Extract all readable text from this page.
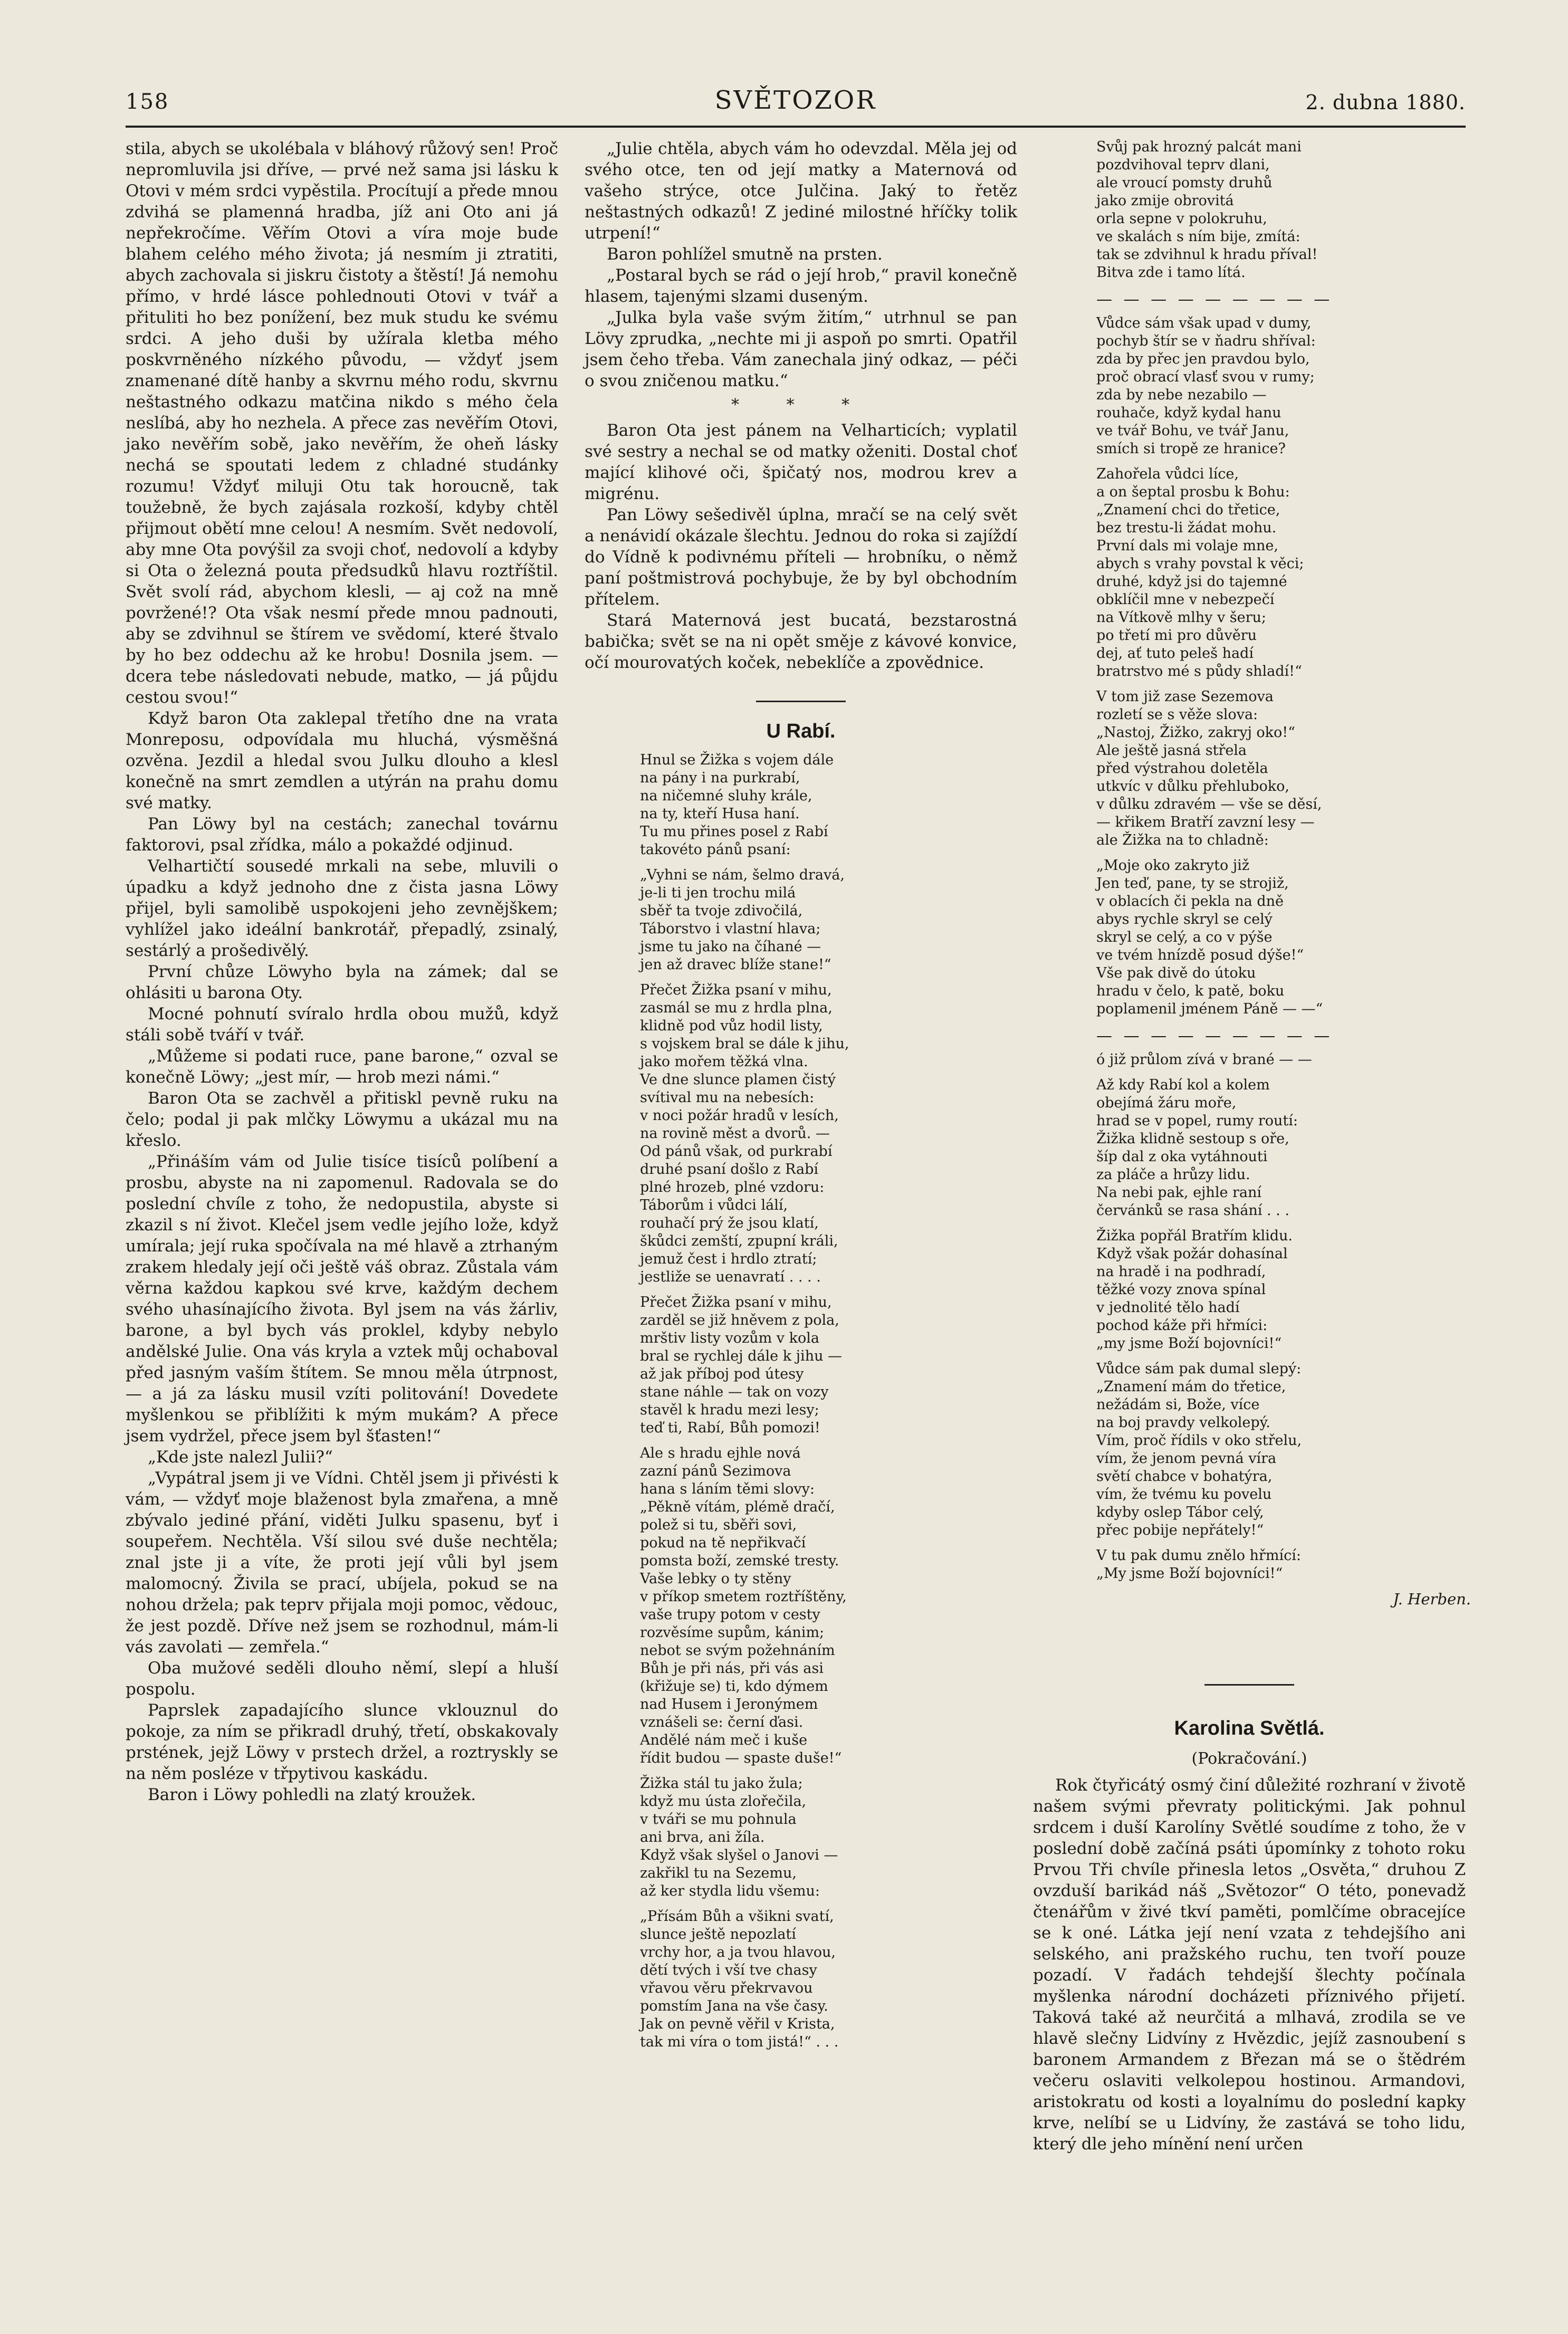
158	SVĚTOZOR	2. dubna 1880.

stila, abych se ukolébala v bláhový růžový sen! Proč nepromluvila jsi dříve, — prvé než sama jsi lásku k Otovi v mém srdci vypěstila. Procítují a přede mnou zdvihá se plamenná hradba, jíž ani Oto ani já nepřekročíme. Věřím Otovi a víra moje bude blahem celého mého života; já nesmím ji ztratiti, abych zachovala si jiskru čistoty a štěstí! Já nemohu přímo, v hrdé lásce pohlednouti Otovi v tvář a přituliti ho bez ponížení, bez muk studu ke svému srdci. A jeho duši by užírala kletba mého poskvrněného nízkého původu, — vždyť jsem znamenané dítě hanby a skvrnu mého rodu, skvrnu neštastného odkazu matčina nikdo s mého čela neslíbá, aby ho nezhela. A přece zas nevěřím Otovi, jako nevěřím sobě, jako nevěřím, že oheň lásky nechá se spoutati ledem z chladné studánky rozumu! Vždyť miluji Otu tak horoucně, tak toužebně, že bych zajásala rozkoší, kdyby chtěl přijmout obětí mne celou! A nesmím. Svět nedovolí, aby mne Ota povýšil za svoji choť, nedovolí a kdyby si Ota o železná pouta předsudků hlavu roztříštil. Svět svolí rád, abychom klesli, — aj což na mně povržené!? Ota však nesmí přede mnou padnouti, aby se zdvihnul se štírem ve svědomí, které štvalo by ho bez oddechu až ke hrobu! Dosnila jsem. — dcera tebe následovati nebude, matko, — já půjdu cestou svou!“

Když baron Ota zaklepal třetího dne na vrata Monreposu, odpovídala mu hluchá, výsměšná ozvěna. Jezdil a hledal svou Julku dlouho a klesl konečně na smrt zemdlen a utýrán na prahu domu své matky.

Pan Löwy byl na cestách; zanechal továrnu faktorovi, psal zřídka, málo a pokaždé odjinud.

Velhartičtí sousedé mrkali na sebe, mluvili o úpadku a když jednoho dne z čista jasna Löwy přijel, byli samolibě uspokojeni jeho zevnějškem; vyhlížel jako ideální bankrotář, přepadlý, zsinalý, sestárlý a prošedivělý.

První chůze Löwyho byla na zámek; dal se ohlásiti u barona Oty.

Mocné pohnutí svíralo hrdla obou mužů, když stáli sobě tváří v tvář.

„Můžeme si podati ruce, pane barone,“ ozval se konečně Löwy; „jest mír, — hrob mezi námi.“

Baron Ota se zachvěl a přitiskl pevně ruku na čelo; podal ji pak mlčky Löwymu a ukázal mu na křeslo.

„Přináším vám od Julie tisíce tisíců políbení a prosbu, abyste na ni zapomenul. Radovala se do poslední chvíle z toho, že nedopustila, abyste si zkazil s ní život. Klečel jsem vedle jejího lože, když umírala; její ruka spočívala na mé hlavě a ztrhaným zrakem hledaly její oči ještě váš obraz. Zůstala vám věrna každou kapkou své krve, každým dechem svého uhasínajícího života. Byl jsem na vás žárliv, barone, a byl bych vás proklel, kdyby nebylo andělské Julie. Ona vás kryla a vztek můj ochaboval před jasným vaším štítem. Se mnou měla útrpnost, — a já za lásku musil vzíti politování! Dovedete myšlenkou se přiblížiti k mým mukám? A přece jsem vydržel, přece jsem byl šťasten!“

„Kde jste nalezl Julii?“

„Vypátral jsem ji ve Vídni. Chtěl jsem ji přivésti k vám, — vždyť moje blaženost byla zmařena, a mně zbývalo jediné přání, viděti Julku spasenu, byť i soupeřem. Nechtěla. Vší silou své duše nechtěla; znal jste ji a víte, že proti její vůli byl jsem malomocný. Živila se prací, ubíjela, pokud se na nohou držela; pak teprv přijala moji pomoc, vědouc, že jest pozdě. Dříve než jsem se rozhodnul, mám-li vás zavolati — zemřela.“

Oba mužové seděli dlouho němí, slepí a hluší pospolu.

Paprslek zapadajícího slunce vklouznul do pokoje, za ním se přikradl druhý, třetí, obskakovaly prstének, jejž Löwy v prstech držel, a roztryskly se na něm posléze v třpytivou kaskádu.

Baron i Löwy pohledli na zlatý kroužek.

„Julie chtěla, abych vám ho odevzdal. Měla jej od svého otce, ten od její matky a Maternová od vašeho strýce, otce Julčina. Jaký to řetěz neštastných odkazů! Z jediné milostné hříčky tolik utrpení!“

Baron pohlížel smutně na prsten.

„Postaral bych se rád o její hrob,“ pravil konečně hlasem, tajenými slzami duseným.

„Julka byla vaše svým žitím,“ utrhnul se pan Lövy zprudka, „nechte mi ji aspoň po smrti. Opatřil jsem čeho třeba. Vám zanechala jiný odkaz, — péči o svou zničenou matku.“

* * *

Baron Ota jest pánem na Velharticích; vyplatil své sestry a nechal se od matky oženiti. Dostal choť mající klihové oči, špičatý nos, modrou krev a migrénu.

Pan Löwy sešedivěl úplna, mračí se na celý svět a nenávidí okázale šlechtu. Jednou do roka si zajíždí do Vídně k podivnému příteli — hrobníku, o němž paní poštmistrová pochybuje, že by byl obchodním přítelem.

Stará Maternová jest bucatá, bezstarostná babička; svět se na ni opět směje z kávové konvice, očí mourovatých koček, nebeklíče a zpovědnice.

U Rabí.
Hnul se Žižka s vojem dále
na pány i na purkrabí,
na ničemné sluhy krále,
na ty, kteří Husa haní.
Tu mu přines posel z Rabí
takovéto pánů psaní:
„Vyhni se nám, šelmo dravá,
je-li ti jen trochu milá
sběř ta tvoje zdivočilá,
Táborstvo i vlastní hlava;
jsme tu jako na číhané —
jen až dravec blíže stane!“
Přečet Žižka psaní v mihu,
zasmál se mu z hrdla plna,
klidně pod vůz hodil listy,
s vojskem bral se dále k jihu,
jako mořem těžká vlna.
Ve dne slunce plamen čistý
svítival mu na nebesích:
v noci požár hradů v lesích,
na rovině měst a dvorů. —
Od pánů však, od purkrabí
druhé psaní došlo z Rabí
plné hrozeb, plné vzdoru:
Táborům i vůdci lálí,
rouhačí prý že jsou klatí,
škůdci zemští, zpupní králi,
jemuž čest i hrdlo ztratí;
jestliže se uenavratí . . . .
Přečet Žižka psaní v mihu,
zarděl se již hněvem z pola,
mrštiv listy vozům v kola
bral se rychlej dále k jihu —
až jak příboj pod útesy
stane náhle — tak on vozy
stavěl k hradu mezi lesy;
teď ti, Rabí, Bůh pomozi!
Ale s hradu ejhle nová
zazní pánů Sezimova
hana s láním těmi slovy:
„Pěkně vítám, plémě dračí,
polež si tu, sběři sovi,
pokud na tě nepřikvačí
pomsta boží, zemské tresty.
Vaše lebky o ty stěny
v příkop smetem roztříštěny,
vaše trupy potom v cesty
rozvěsíme supům, kánim;
nebot se svým požehnáním
Bůh je při nás, při vás asi
(křižuje se) ti, kdo dýmem
nad Husem i Jeronýmem
vznášeli se: černí ďasi.
Andělé nám meč i kuše
řídit budou — spaste duše!“
Žižka stál tu jako žula;
když mu ústa zlořečila,
v tváři se mu pohnula
ani brva, ani žíla.
Když však slyšel o Janovi —
zakřikl tu na Sezemu,
až ker stydla lidu všemu:
„Přísám Bůh a všikni svatí,
slunce ještě nepozlatí
vrchy hor, a ja tvou hlavou,
dětí tvých i vší tve chasy
vřavou věru překrvavou
pomstím Jana na vše časy.
Jak on pevně věřil v Krista,
tak mi víra o tom jistá!“ . . .
Svůj pak hrozný palcát mani
pozdvihoval teprv dlani,
ale vroucí pomsty druhů
jako zmije obrovitá
orla sepne v polokruhu,
ve skalách s ním bije, zmítá:
tak se zdvihnul k hradu příval!
Bitva zde i tamo lítá.
— — — — — — — — —
Vůdce sám však upad v dumy,
pochyb štír se v ňadru shříval:
zda by přec jen pravdou bylo,
proč obrací vlasť svou v rumy;
zda by nebe nezabilo —
rouhače, když kydal hanu
ve tvář Bohu, ve tvář Janu,
smích si tropě ze hranice?
Zahořela vůdci líce,
a on šeptal prosbu k Bohu:
„Znamení chci do třetice,
bez trestu-li žádat mohu.
První dals mi volaje mne,
abych s vrahy povstal k věci;
druhé, když jsi do tajemné
obklíčil mne v nebezpečí
na Vítkově mlhy v šeru;
po třetí mi pro důvěru
dej, ať tuto peleš hadí
bratrstvo mé s půdy shladí!“
V tom již zase Sezemova
rozletí se s věže slova:
„Nastoj, Žižko, zakryj oko!“
Ale ještě jasná střela
před výstrahou doletěla
utkvíc v důlku přehluboko,
v důlku zdravém — vše se děsí,
— křikem Bratří zavzní lesy —
ale Žižka na to chladně:
„Moje oko zakryto již
Jen teď, pane, ty se strojiž,
v oblacích či pekla na dně
abys rychle skryl se celý
skryl se celý, a co v pýše
ve tvém hnízdě posud dýše!“
Vše pak divě do útoku
hradu v čelo, k patě, boku
poplamenil jménem Páně — —“
— — — — — — — — —
ó již průlom zívá v brané — —
Až kdy Rabí kol a kolem
obejímá žáru moře,
hrad se v popel, rumy routí:
Žižka klidně sestoup s oře,
šíp dal z oka vytáhnouti
za pláče a hrůzy lidu.
Na nebi pak, ejhle raní
červánků se rasa shání . . .
Žižka popřál Bratřím klidu.
Když však požár dohasínal
na hradě i na podhradí,
těžké vozy znova spínal
v jednolité tělo hadí
pochod káže při hřmíci:
„my jsme Boží bojovníci!“
Vůdce sám pak dumal slepý:
„Znamení mám do třetice,
nežádám si, Bože, více
na boj pravdy velkolepý.
Vím, proč řídils v oko střelu,
vím, že jenom pevná víra
světí chabce v bohatýra,
vím, že tvému ku povelu
kdyby oslep Tábor celý,
přec pobije nepřátely!“
V tu pak dumu znělo hřmící:
„My jsme Boží bojovníci!“
J. Herben.
Karolina Světlá.
(Pokračování.)

Rok čtyřicátý osmý činí důležité rozhraní v životě našem svými převraty politickými. Jak pohnul srdcem i duší Karolíny Světlé soudíme z toho, že v poslední době začíná psáti úpomínky z tohoto roku Prvou Tři chvíle přinesla letos „Osvěta,“ druhou Z ovzduší barikád náš „Světozor“ O této, ponevadž čtenářům v živé tkví paměti, pomlčíme obracejíce se k oné. Látka její není vzata z tehdejšího ani selského, ani pražského ruchu, ten tvoří pouze pozadí. V řadách tehdejší šlechty počínala myšlenka národní docházeti příznivého přijetí. Taková také až neurčitá a mlhavá, zrodila se ve hlavě slečny Lidvíny z Hvězdic, jejíž zasnoubení s baronem Armandem z Březan má se o štědrém večeru oslaviti velkolepou hostinou. Armandovi, aristokratu od kosti a loyalnímu do poslední kapky krve, nelíbí se u Lidvíny, že zastává se toho lidu, který dle jeho mínění není určen
